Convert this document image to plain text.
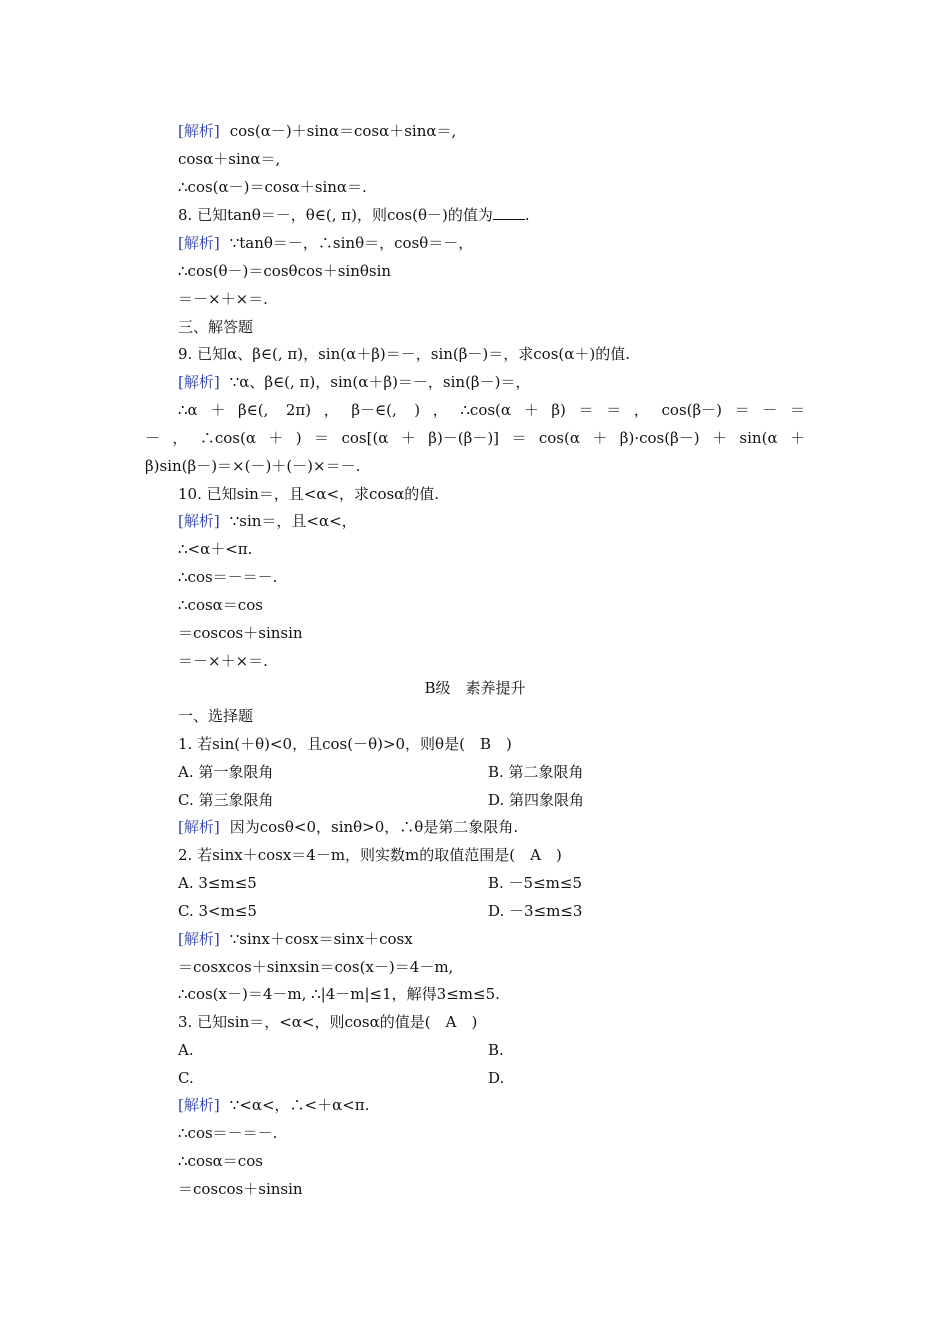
[解析] cos(α－)＋sinα＝cosα＋sinα＝,
cosα＋sinα＝,
∴cos(α－)＝cosα＋sinα＝.
8. 已知tanθ＝－，θ∈(, π)，则cos(θ－)的值为 .
[解析] ∵tanθ＝－，∴sinθ＝，cosθ＝－，
∴cos(θ－)＝cosθcos＋sinθsin
＝－×＋×＝.
三、解答题
9. 已知α、β∈(, π)，sin(α＋β)＝－，sin(β－)＝，求cos(α＋)的值.
[解析] ∵α、β∈(, π)，sin(α＋β)＝－，sin(β－)＝，
∴α＋β∈(, 2π)，β－∈(, )，∴cos(α＋β)＝＝，cos(β－)＝－＝
－，∴cos(α＋)＝cos[(α＋β)－(β－)]＝cos(α＋β)·cos(β－)＋sin(α＋
β)sin(β－)＝×(－)＋(－)×＝－.
10. 已知sin＝，且<α<，求cosα的值.
[解析] ∵sin＝，且<α<，
∴<α＋<π.
∴cos＝－＝－.
∴cosα＝cos
＝coscos＋sinsin
＝－×＋×＝.
B级　素养提升
一、选择题
1. 若sin(＋θ)<0，且cos(－θ)>0，则θ是(　B　)
A. 第一象限角	B. 第二象限角
C. 第三象限角	D. 第四象限角
[解析] 因为cosθ<0，sinθ>0，∴θ是第二象限角.
2. 若sinx＋cosx＝4－m，则实数m的取值范围是(　A　)
A. 3≤m≤5	B. －5≤m≤5
C. 3<m≤5	D. －3≤m≤3
[解析] ∵sinx＋cosx＝sinx＋cosx
＝cosxcos＋sinxsin＝cos(x－)＝4－m,
∴cos(x－)＝4－m, ∴|4－m|≤1，解得3≤m≤5.
3. 已知sin＝，<α<，则cosα的值是(　A　)
A.	B.
C.	D.
[解析] ∵<α<，∴<＋α<π.
∴cos＝－＝－.
∴cosα＝cos
＝coscos＋sinsin
